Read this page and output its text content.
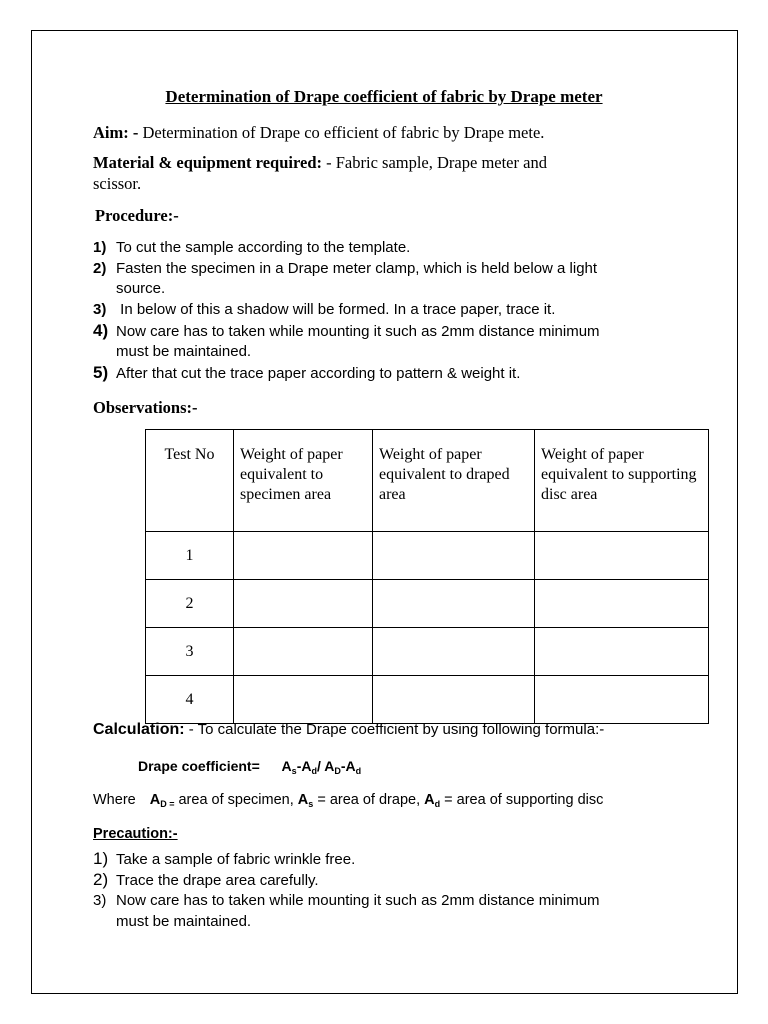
Determination of Drape coefficient of fabric by Drape meter
Aim: - Determination of Drape co efficient of fabric by Drape mete.
Material & equipment required: - Fabric sample, Drape meter and
scissor.
Procedure:-
1) To cut the sample according to the template.
2) Fasten the specimen in a Drape meter clamp, which is held below a light
source.
3) In below of this a shadow will be formed. In a trace paper, trace it.
4) Now care has to taken while mounting it such as 2mm distance minimum
must be maintained.
5) After that cut the trace paper according to pattern & weight it.
Observations:-
Test No	Weight of paper equivalent to specimen area	Weight of paper equivalent to draped area	Weight of paper equivalent to supporting disc area
1			
2			
3			
4			
Calculation: - To calculate the Drape coefficient by using following formula:-
Drape coefficient= $A_s-A_d/$ $A_D-A_d$
Where $A_{D =}$ area of specimen, $A_s$ = area of drape, $A_d$ = area of supporting disc
Precaution:-
1) Take a sample of fabric wrinkle free.
2) Trace the drape area carefully.
3) Now care has to taken while mounting it such as 2mm distance minimum
must be maintained.
